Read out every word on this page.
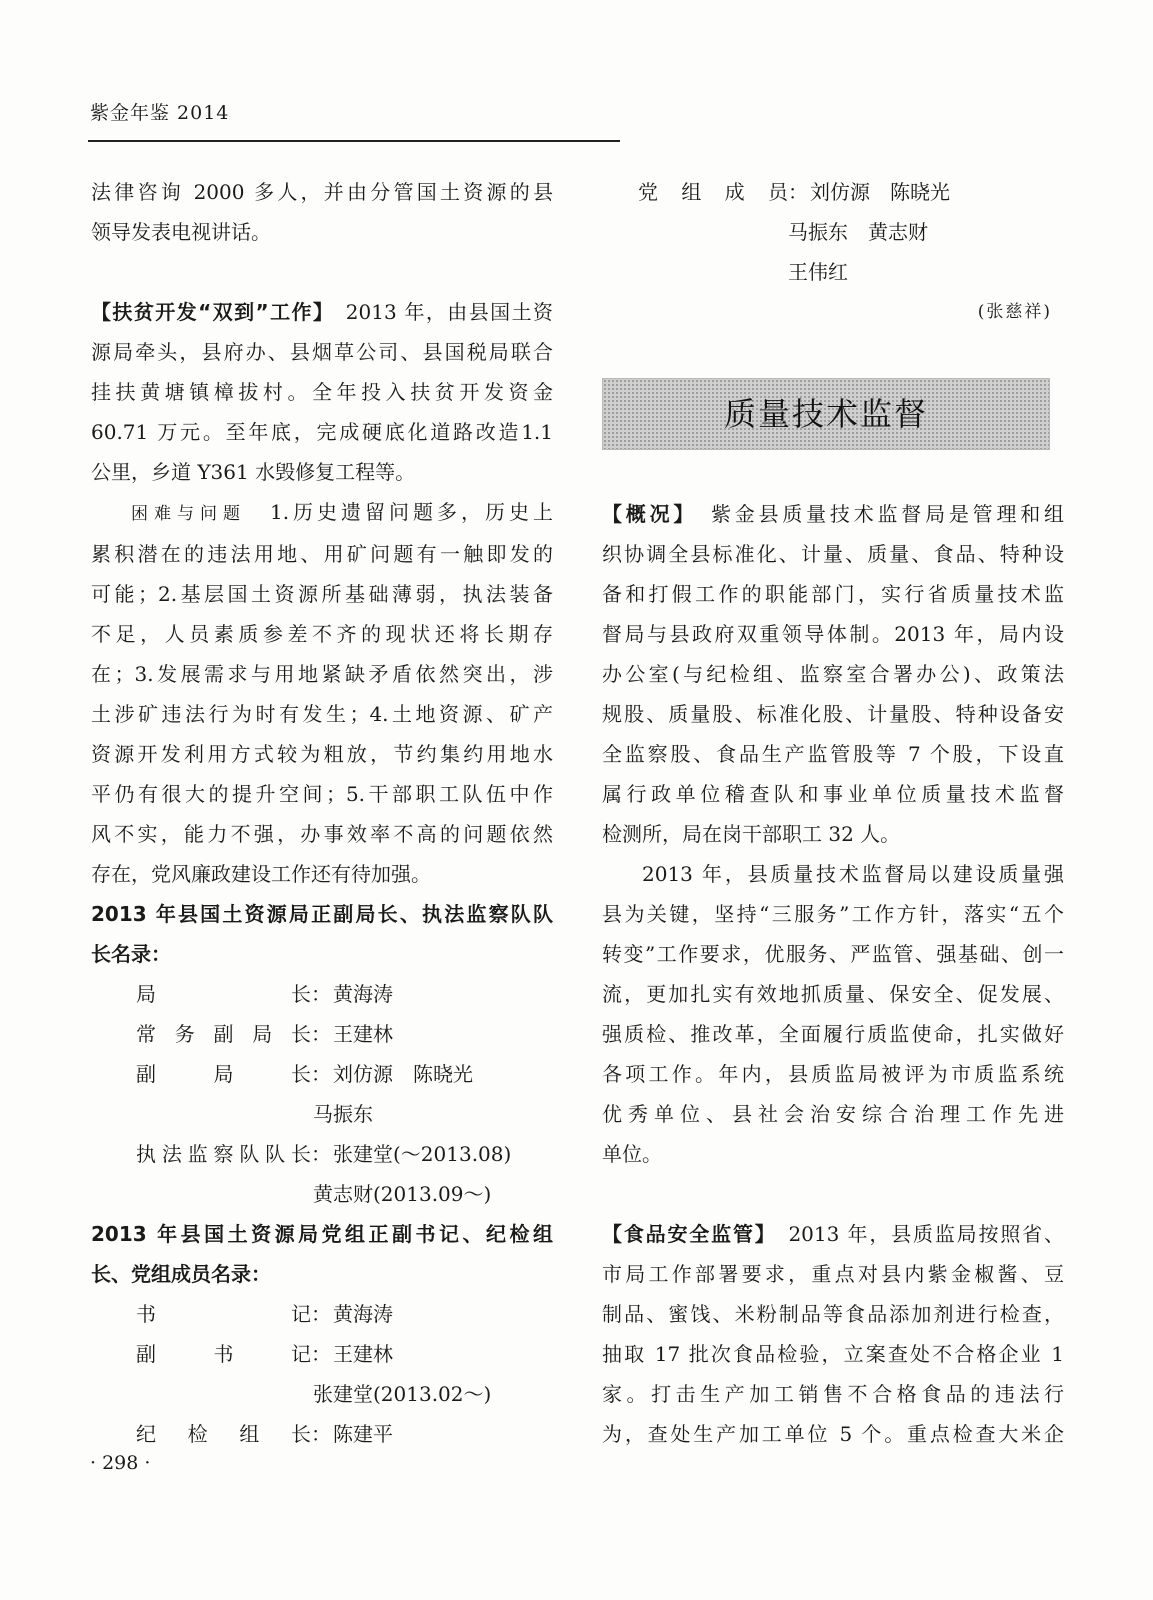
紫金年鉴 2014

法律咨询 2000 多人，并由分管国土资源的县

领导发表电视讲话。

【扶贫开发“双到”工作】　 2013 年，由县国土资

源局牵头，县府办、县烟草公司、县国税局联合

挂扶黄塘镇樟拔村。全年投入扶贫开发资金

60.71 万元。至年底，完成硬底化道路改造1.1

公里，乡道 Y361 水毁修复工程等。

困难与问题　 1.历史遗留问题多，历史上

累积潜在的违法用地、用矿问题有一触即发的

可能；2.基层国土资源所基础薄弱，执法装备

不足，人员素质参差不齐的现状还将长期存

在；3.发展需求与用地紧缺矛盾依然突出，涉

土涉矿违法行为时有发生；4.土地资源、矿产

资源开发利用方式较为粗放，节约集约用地水

平仍有很大的提升空间；5.干部职工队伍中作

风不实，能力不强，办事效率不高的问题依然

存在，党风廉政建设工作还有待加强。

2013 年县国土资源局正副局长、执法监察队队

长名录：

局长 ： 黄海涛
常务副局长 ： 王建林
副局长 ： 刘仿源　陈晓光
马振东
执法监察队队长 ： 张建堂(～2013.08)
黄志财(2013.09～)

2013 年县国土资源局党组正副书记、纪检组

长、党组成员名录：

书记 ： 黄海涛
副书记 ： 王建林
张建堂(2013.02～)
纪检组长 ： 陈建平
党组成员 ： 刘仿源　陈晓光
马振东　黄志财
王伟红
(张慈祥)
质量技术监督

【概况】　 紫金县质量技术监督局是管理和组

织协调全县标准化、计量、质量、食品、特种设

备和打假工作的职能部门，实行省质量技术监

督局与县政府双重领导体制。2013 年，局内设

办公室(与纪检组、监察室合署办公)、政策法

规股、质量股、标准化股、计量股、特种设备安

全监察股、食品生产监管股等 7 个股，下设直

属行政单位稽查队和事业单位质量技术监督

检测所，局在岗干部职工 32 人。

2013 年，县质量技术监督局以建设质量强

县为关键，坚持“三服务”工作方针，落实“五个

转变”工作要求，优服务、严监管、强基础、创一

流，更加扎实有效地抓质量、保安全、促发展、

强质检、推改革，全面履行质监使命，扎实做好

各项工作。年内，县质监局被评为市质监系统

优秀单位、县社会治安综合治理工作先进

单位。

【食品安全监管】　 2013 年，县质监局按照省、

市局工作部署要求，重点对县内紫金椒酱、豆

制品、蜜饯、米粉制品等食品添加剂进行检查，

抽取 17 批次食品检验，立案查处不合格企业 1

家。打击生产加工销售不合格食品的违法行

为，查处生产加工单位 5 个。重点检查大米企

· 298 ·
